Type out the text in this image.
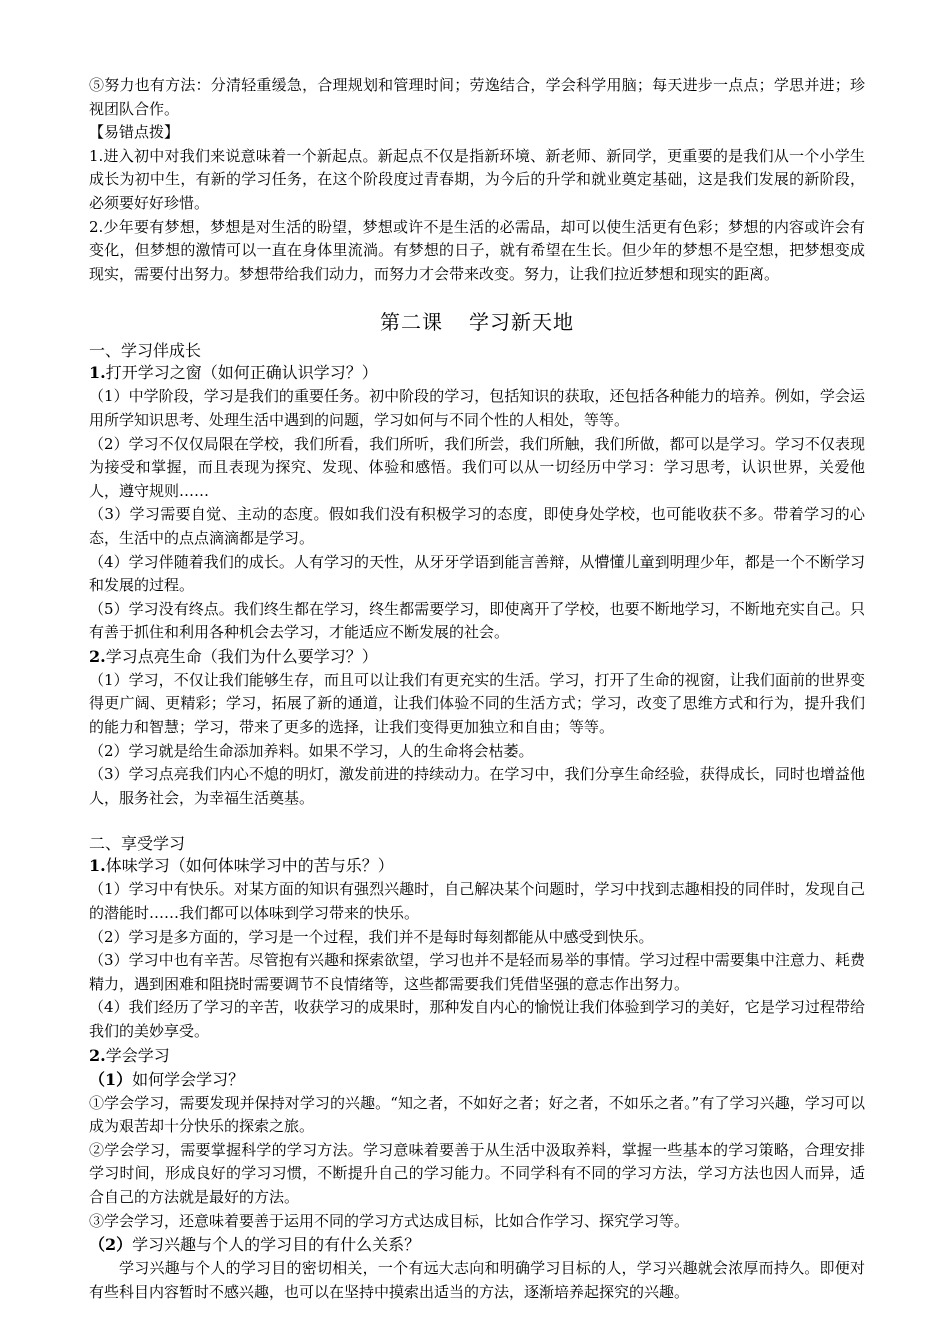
⑤努力也有方法：分清轻重缓急，合理规划和管理时间；劳逸结合，学会科学用脑；每天进步一点点；学思并进；珍视团队合作。

【易错点拨】

1.进入初中对我们来说意味着一个新起点。新起点不仅是指新环境、新老师、新同学，更重要的是我们从一个小学生成长为初中生，有新的学习任务，在这个阶段度过青春期，为今后的升学和就业奠定基础，这是我们发展的新阶段，必须要好好珍惜。

2.少年要有梦想，梦想是对生活的盼望，梦想或许不是生活的必需品，却可以使生活更有色彩；梦想的内容或许会有变化，但梦想的激情可以一直在身体里流淌。有梦想的日子，就有希望在生长。但少年的梦想不是空想，把梦想变成现实，需要付出努力。梦想带给我们动力，而努力才会带来改变。努力，让我们拉近梦想和现实的距离。

第二课 学习新天地

一、学习伴成长

1.打开学习之窗（如何正确认识学习？）

（1）中学阶段，学习是我们的重要任务。初中阶段的学习，包括知识的获取，还包括各种能力的培养。例如，学会运用所学知识思考、处理生活中遇到的问题，学习如何与不同个性的人相处，等等。

（2）学习不仅仅局限在学校，我们所看，我们所听，我们所尝，我们所触，我们所做，都可以是学习。学习不仅表现为接受和掌握，而且表现为探究、发现、体验和感悟。我们可以从一切经历中学习：学习思考，认识世界，关爱他人，遵守规则……

（3）学习需要自觉、主动的态度。假如我们没有积极学习的态度，即使身处学校，也可能收获不多。带着学习的心态，生活中的点点滴滴都是学习。

（4）学习伴随着我们的成长。人有学习的天性，从牙牙学语到能言善辩，从懵懂儿童到明理少年，都是一个不断学习和发展的过程。

（5）学习没有终点。我们终生都在学习，终生都需要学习，即使离开了学校，也要不断地学习，不断地充实自己。只有善于抓住和利用各种机会去学习，才能适应不断发展的社会。

2.学习点亮生命（我们为什么要学习？）

（1）学习，不仅让我们能够生存，而且可以让我们有更充实的生活。学习，打开了生命的视窗，让我们面前的世界变得更广阔、更精彩；学习，拓展了新的通道，让我们体验不同的生活方式；学习，改变了思维方式和行为，提升我们的能力和智慧；学习，带来了更多的选择，让我们变得更加独立和自由；等等。

（2）学习就是给生命添加养料。如果不学习，人的生命将会枯萎。

（3）学习点亮我们内心不熄的明灯，激发前进的持续动力。在学习中，我们分享生命经验，获得成长，同时也增益他人，服务社会，为幸福生活奠基。

二、享受学习

1.体味学习（如何体味学习中的苦与乐？）

（1）学习中有快乐。对某方面的知识有强烈兴趣时，自己解决某个问题时，学习中找到志趣相投的同伴时，发现自己的潜能时……我们都可以体味到学习带来的快乐。

（2）学习是多方面的，学习是一个过程，我们并不是每时每刻都能从中感受到快乐。

（3）学习中也有辛苦。尽管抱有兴趣和探索欲望，学习也并不是轻而易举的事情。学习过程中需要集中注意力、耗费精力，遇到困难和阻挠时需要调节不良情绪等，这些都需要我们凭借坚强的意志作出努力。

（4）我们经历了学习的辛苦，收获学习的成果时，那种发自内心的愉悦让我们体验到学习的美好，它是学习过程带给我们的美妙享受。

2.学会学习

（1）如何学会学习？

①学会学习，需要发现并保持对学习的兴趣。“知之者，不如好之者；好之者，不如乐之者。”有了学习兴趣，学习可以成为艰苦却十分快乐的探索之旅。

②学会学习，需要掌握科学的学习方法。学习意味着要善于从生活中汲取养料，掌握一些基本的学习策略，合理安排学习时间，形成良好的学习习惯，不断提升自己的学习能力。不同学科有不同的学习方法，学习方法也因人而异，适合自己的方法就是最好的方法。

③学会学习，还意味着要善于运用不同的学习方式达成目标，比如合作学习、探究学习等。

（2）学习兴趣与个人的学习目的有什么关系？

学习兴趣与个人的学习目的密切相关，一个有远大志向和明确学习目标的人，学习兴趣就会浓厚而持久。即便对有些科目内容暂时不感兴趣，也可以在坚持中摸索出适当的方法，逐渐培养起探究的兴趣。
